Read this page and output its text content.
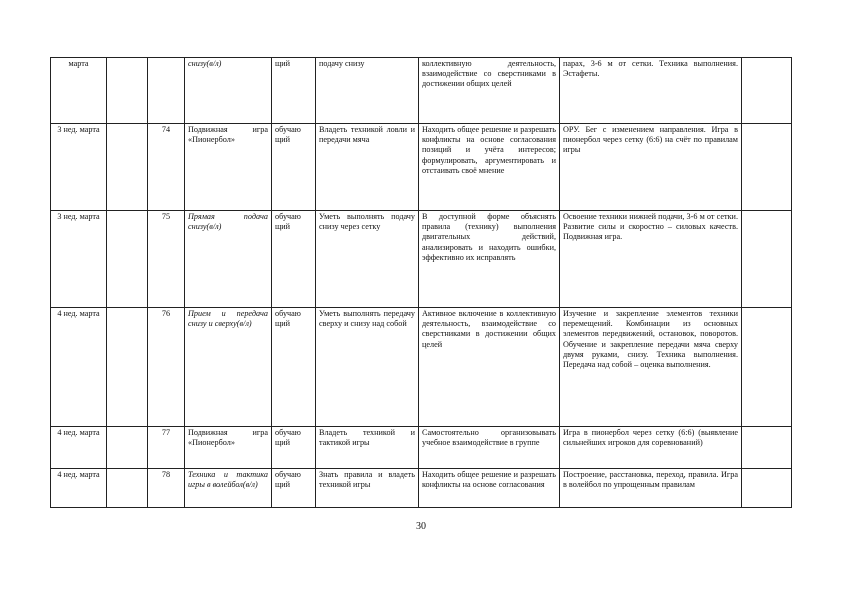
марта			снизу(в/л)	щий	подачу снизу	коллективную деятельность, взаимодействие со сверстниками в достижении общих целей	парах, 3-6 м от сетки. Техника выполнения. Эстафеты.	
3 нед. марта		74	Подвижная игра «Пионербол»	обучаю щий	Владеть техникой ловли и передачи мяча	Находить общее решение и разрешать конфликты на основе согласования позиций и учёта интересов; формулировать, аргументировать и отстаивать своё мнение	ОРУ. Бег с изменением направления. Игра в пионербол через сетку (6:6) на счёт по правилам игры	
3 нед. марта		75	Прямая подача снизу(в/л)	обучаю щий	Уметь выполнять подачу снизу через сетку	В доступной форме объяснять правила (технику) выполнения двигательных действий, анализировать и находить ошибки, эффективно их исправлять	Освоение техники нижней подачи, 3-6 м от сетки. Развитие силы и скоростно – силовых качеств. Подвижная игра.	
4 нед. марта		76	Прием и передача снизу и сверху(в/л)	обучаю щий	Уметь выполнять передачу сверху и снизу над собой	Активное включение в коллективную деятельность, взаимодействие со сверстниками в достижении общих целей	Изучение и закрепление элементов техники перемещений. Комбинации из основных элементов передвижений, остановок, поворотов. Обучение и закрепление передачи мяча сверху двумя руками, снизу. Техника выполнения. Передача над собой – оценка выполнения.	
4 нед. марта		77	Подвижная игра «Пионербол»	обучаю щий	Владеть техникой и тактикой игры	Самостоятельно организовывать учебное взаимодействие в группе	Игра в пионербол через сетку (6:6) (выявление сильнейших игроков для соревнований)	
4 нед. марта		78	Техника и тактика игры в волейбол(в/л)	обучаю щий	Знать правила и владеть техникой игры	Находить общее решение и разрешать конфликты на основе согласования	Построение, расстановка, переход, правила. Игра в волейбол по упрощенным правилам	
30
